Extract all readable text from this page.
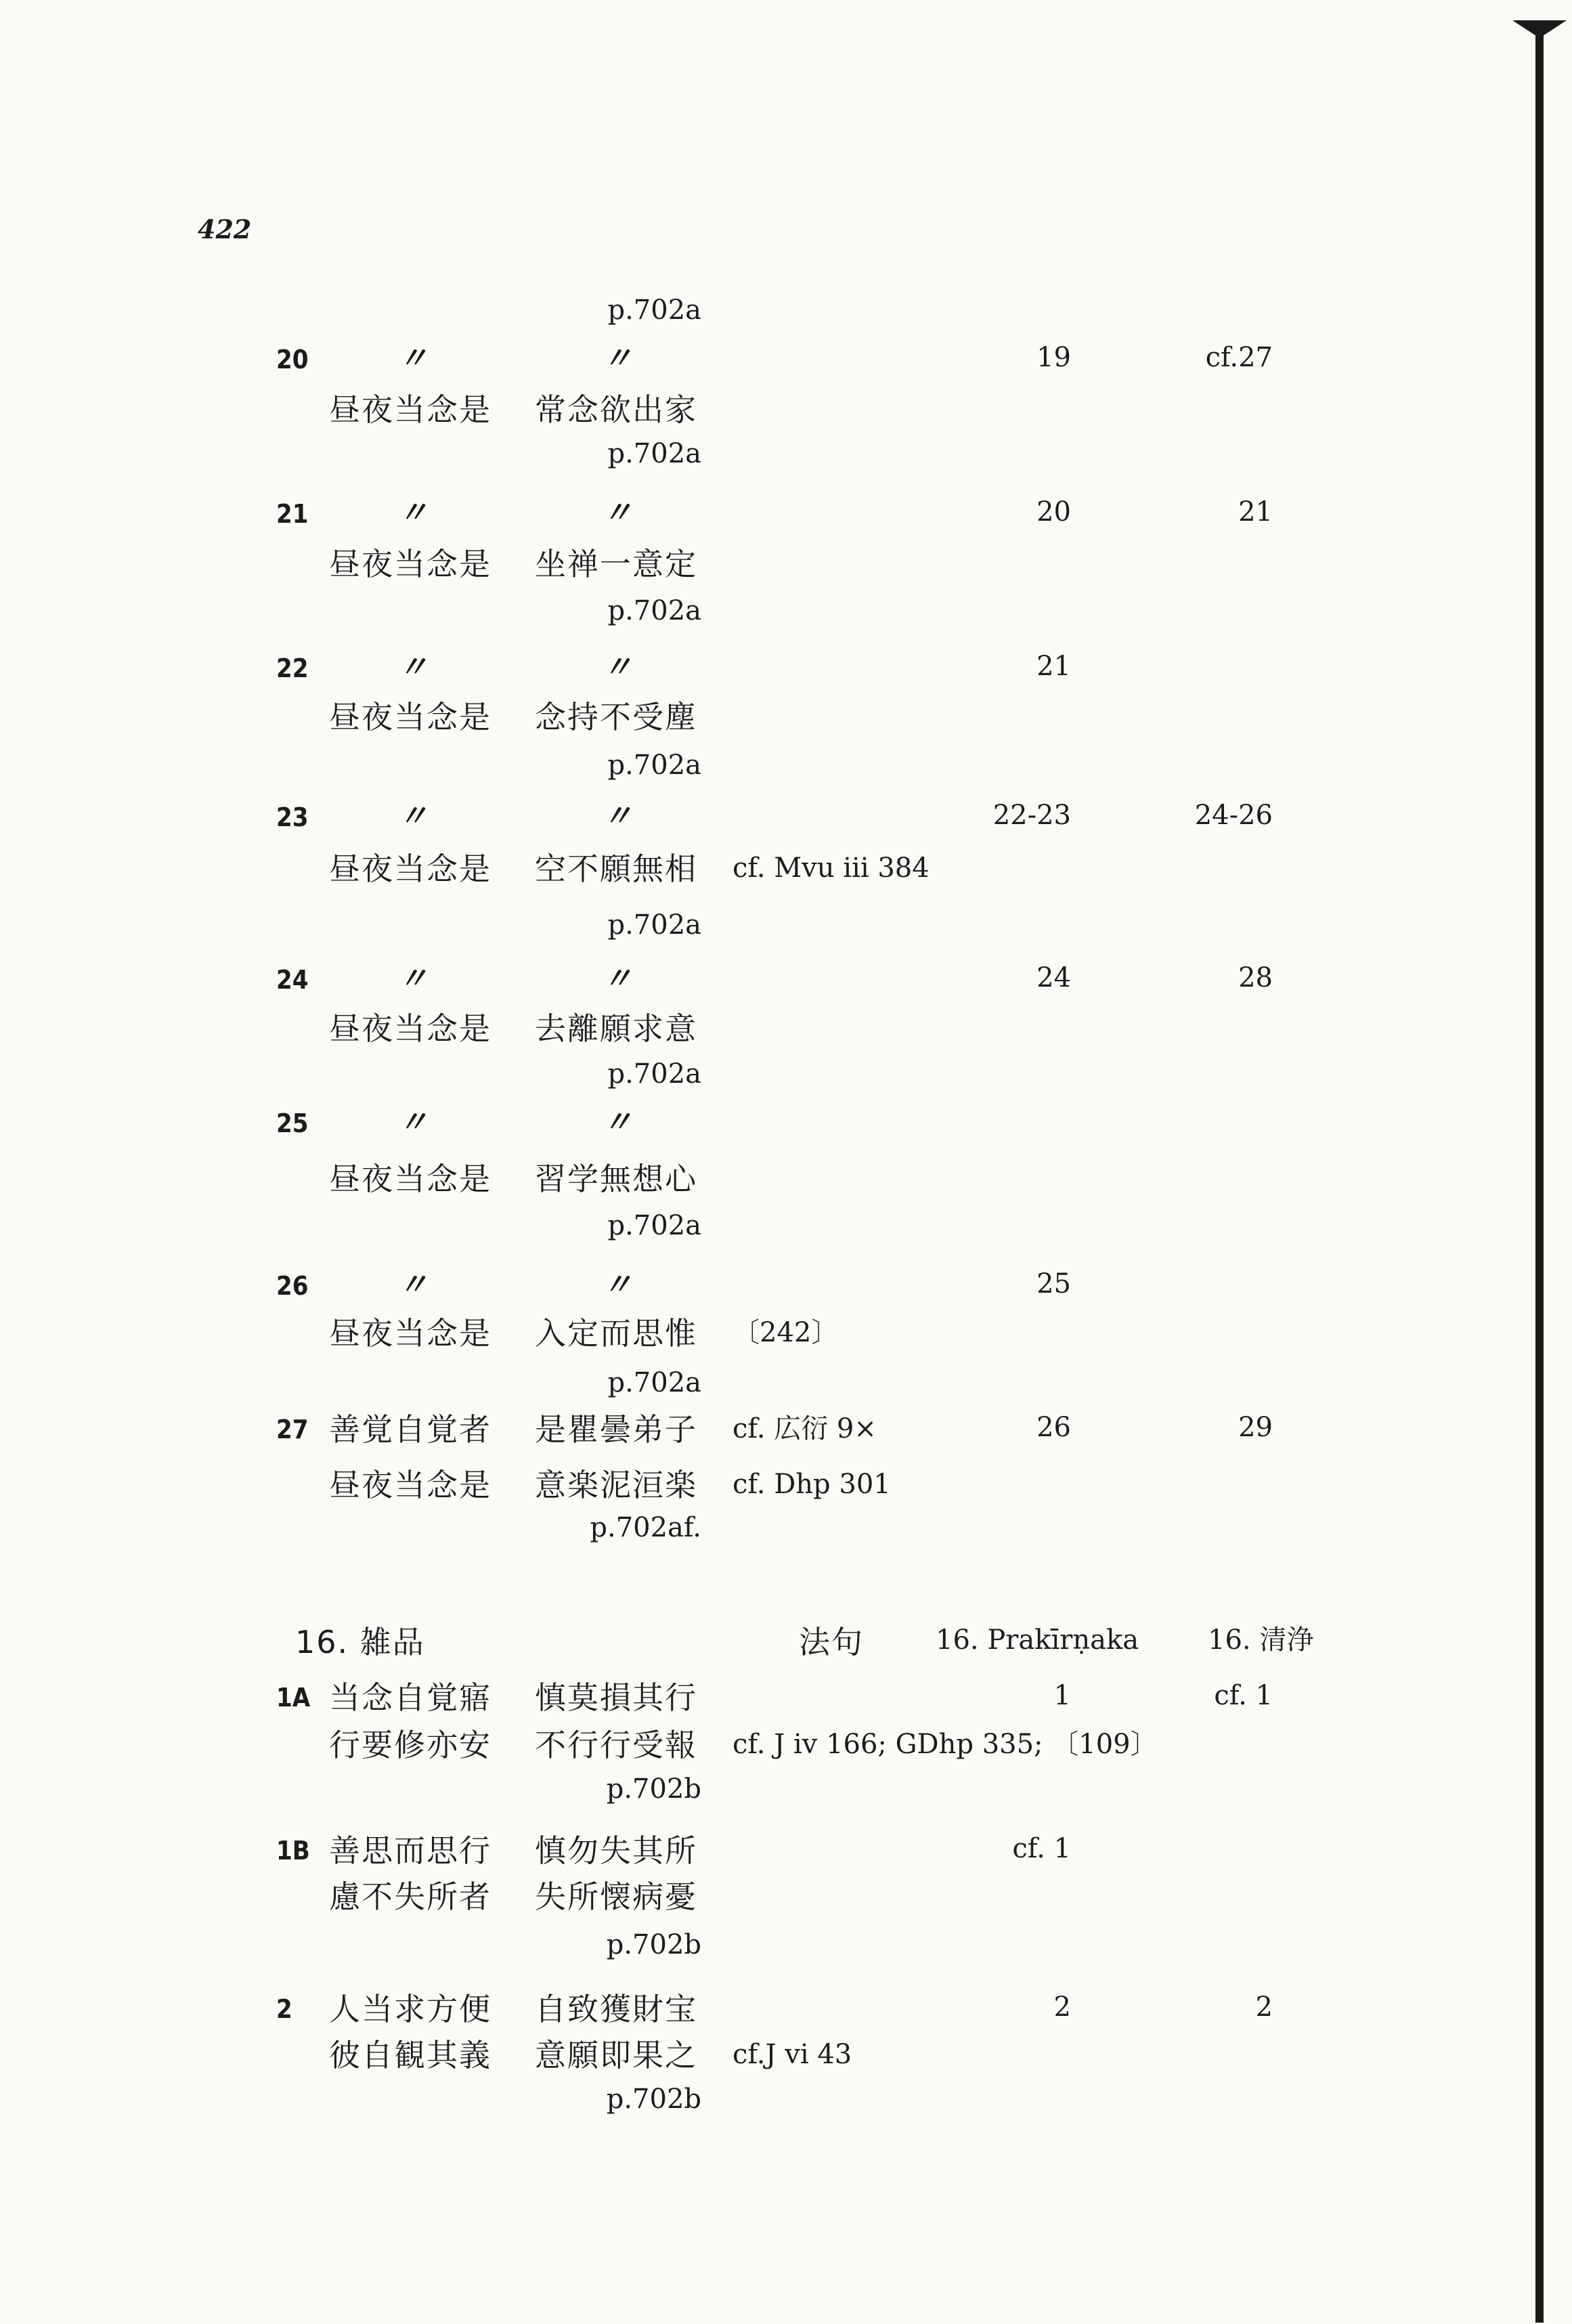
422
p.702a
20	〃	〃	19	cf.27
昼夜当念是 常念欲出家
p.702a
21	〃	〃	20	21
昼夜当念是 坐禅一意定
p.702a
22	〃	〃	21
昼夜当念是 念持不受塵
p.702a
23	〃	〃	22-23	24-26
昼夜当念是 空不願無相 cf. Mvu iii 384
p.702a
24	〃	〃	24	28
昼夜当念是 去離願求意
p.702a
25	〃	〃
昼夜当念是 習学無想心
p.702a
26	〃	〃	25
昼夜当念是 入定而思惟 〔242〕
p.702a
27 善覚自覚者 是瞿曇弟子 cf. 広衍 9×	26	29
昼夜当念是 意楽泥洹楽 cf. Dhp 301
p.702af.
16. 雑品	法句	16. Prakīrṇaka	16. 清浄
1A 当念自覚寤 慎莫損其行	1	cf. 1
行要修亦安 不行行受報 cf. J iv 166; GDhp 335; 〔109〕
p.702b
1B 善思而思行 慎勿失其所	cf. 1
慮不失所者 失所懐病憂
p.702b
2 人当求方便 自致獲財宝	2	2
彼自観其義 意願即果之 cf.J vi 43
p.702b
